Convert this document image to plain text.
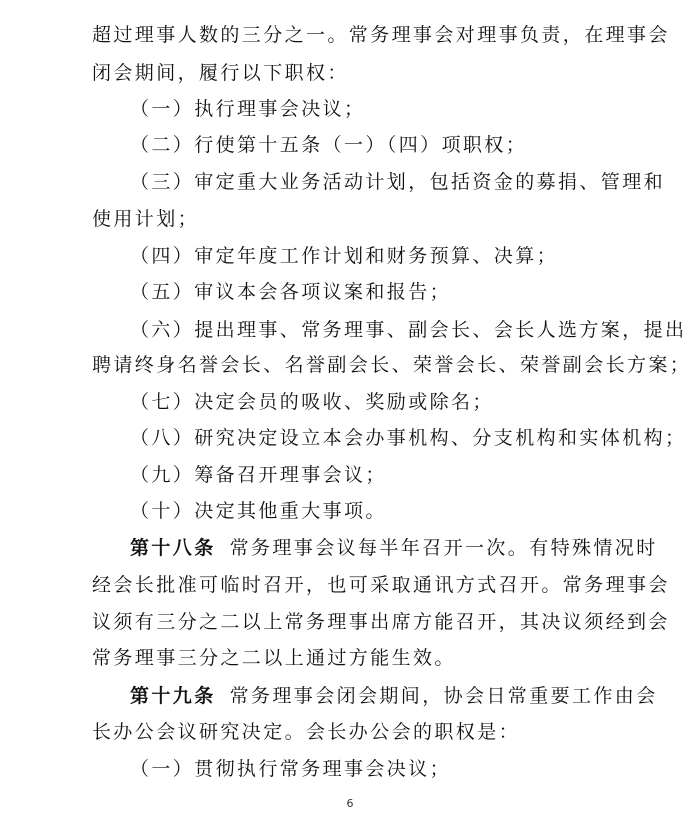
超过理事人数的三分之一。常务理事会对理事负责，在理事会
闭会期间，履行以下职权：
（一）执行理事会决议；
（二）行使第十五条（一）（四）项职权；
（三）审定重大业务活动计划，包括资金的募捐、管理和
使用计划；
（四）审定年度工作计划和财务预算、决算；
（五）审议本会各项议案和报告；
（六）提出理事、常务理事、副会长、会长人选方案，提出
聘请终身名誉会长、名誉副会长、荣誉会长、荣誉副会长方案；
（七）决定会员的吸收、奖励或除名；
（八）研究决定设立本会办事机构、分支机构和实体机构；
（九）筹备召开理事会议；
（十）决定其他重大事项。
第十八条 常务理事会议每半年召开一次。有特殊情况时
经会长批准可临时召开，也可采取通讯方式召开。常务理事会
议须有三分之二以上常务理事出席方能召开，其决议须经到会
常务理事三分之二以上通过方能生效。
第十九条 常务理事会闭会期间，协会日常重要工作由会
长办公会议研究决定。会长办公会的职权是：
（一）贯彻执行常务理事会决议；
6
